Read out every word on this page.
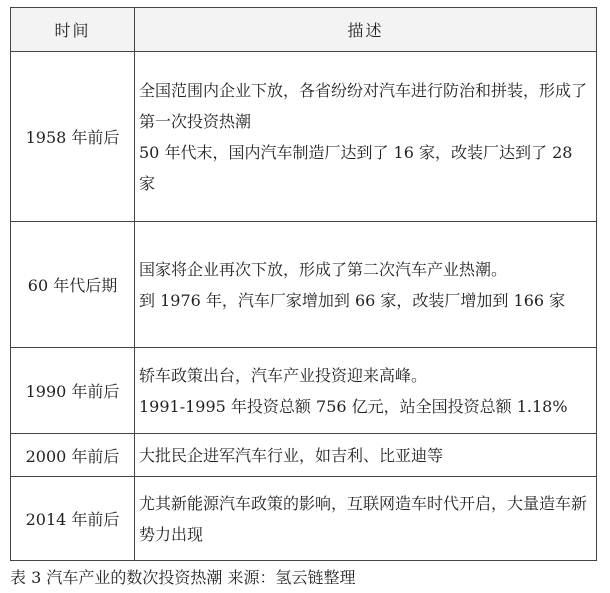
时间	描述
1958 年前后	全国范围内企业下放，各省纷纷对汽车进行防治和拼装，形成了第一次投资热潮
50 年代末，国内汽车制造厂达到了 16 家，改装厂达到了 28 家

60 年代后期	国家将企业再次下放，形成了第二次汽车产业热潮。
到 1976 年，汽车厂家增加到 66 家，改装厂增加到 166 家

1990 年前后	轿车政策出台，汽车产业投资迎来高峰。
1991-1995 年投资总额 756 亿元，站全国投资总额 1.18%

2000 年前后	大批民企进军汽车行业，如吉利、比亚迪等

2014 年前后	尤其新能源汽车政策的影响，互联网造车时代开启，大量造车新势力出现
表 3 汽车产业的数次投资热潮 来源：氢云链整理
